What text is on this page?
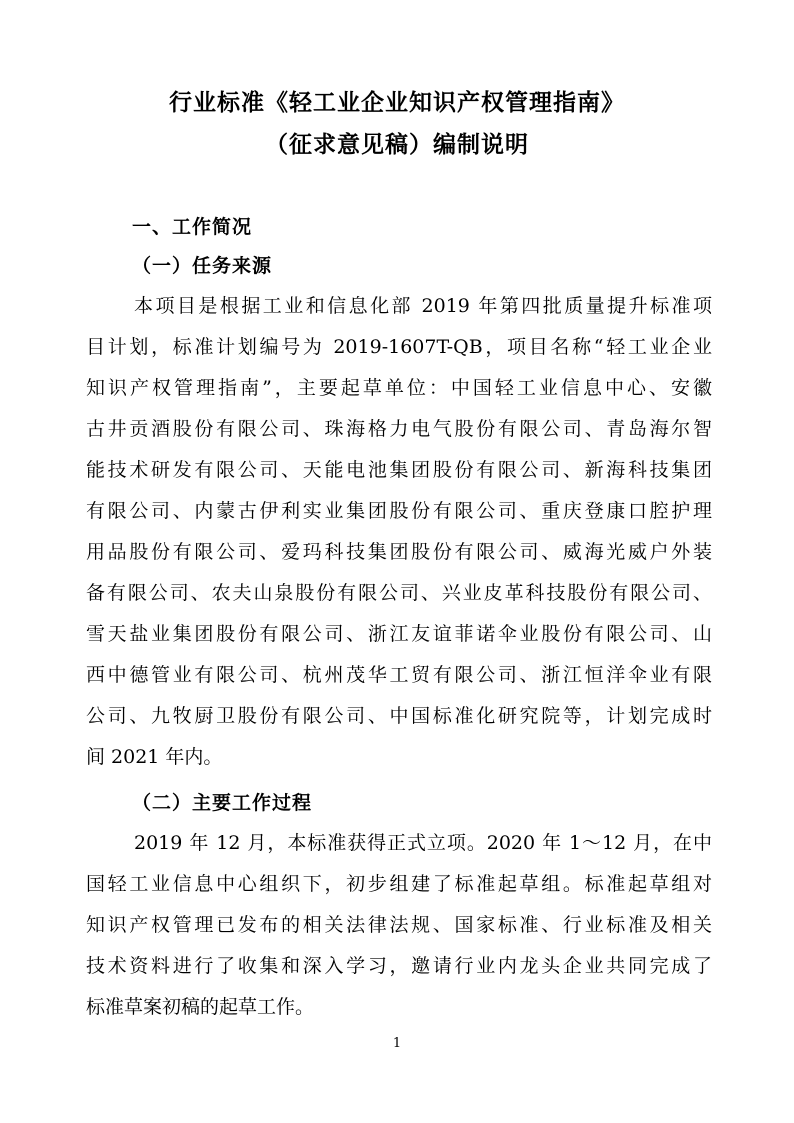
行业标准《轻工业企业知识产权管理指南》
（征求意见稿）编制说明
一、工作简况
（一）任务来源
本项目是根据工业和信息化部 2019 年第四批质量提升标准项
目计划，标准计划编号为 2019-1607T-QB，项目名称“轻工业企业
知识产权管理指南”，主要起草单位：中国轻工业信息中心、安徽
古井贡酒股份有限公司、珠海格力电气股份有限公司、青岛海尔智
能技术研发有限公司、天能电池集团股份有限公司、新海科技集团
有限公司、内蒙古伊利实业集团股份有限公司、重庆登康口腔护理
用品股份有限公司、爱玛科技集团股份有限公司、威海光威户外装
备有限公司、农夫山泉股份有限公司、兴业皮革科技股份有限公司、
雪天盐业集团股份有限公司、浙江友谊菲诺伞业股份有限公司、山
西中德管业有限公司、杭州茂华工贸有限公司、浙江恒洋伞业有限
公司、九牧厨卫股份有限公司、中国标准化研究院等，计划完成时
间 2021 年内。
（二）主要工作过程
2019 年 12 月，本标准获得正式立项。2020 年 1～12 月，在中
国轻工业信息中心组织下，初步组建了标准起草组。标准起草组对
知识产权管理已发布的相关法律法规、国家标准、行业标准及相关
技术资料进行了收集和深入学习，邀请行业内龙头企业共同完成了
标准草案初稿的起草工作。
1
